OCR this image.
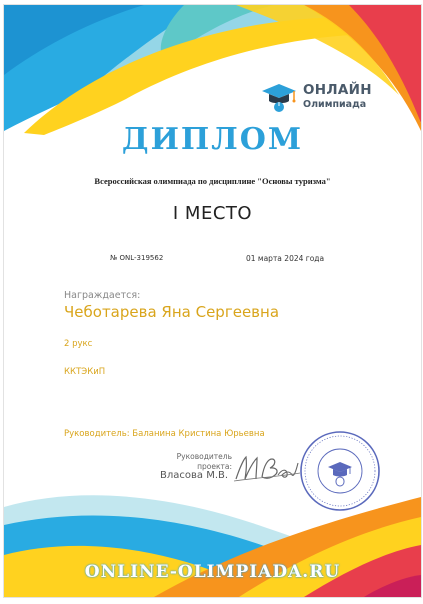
ОНЛАЙН
Олимпиада
ДИПЛОМ
Всероссийская олимпиада по дисциплине "Основы туризма"
I МЕСТО
№ ONL-319562	01 марта 2024 года
Награждается:
Чеботарева Яна Сергеевна
2 рукс
ККТЭКиП
Руководитель: Баланина Кристина Юрьевна
Руководитель проекта:
Власова М.В.
ONLINE-OLIMPIADA.RU
